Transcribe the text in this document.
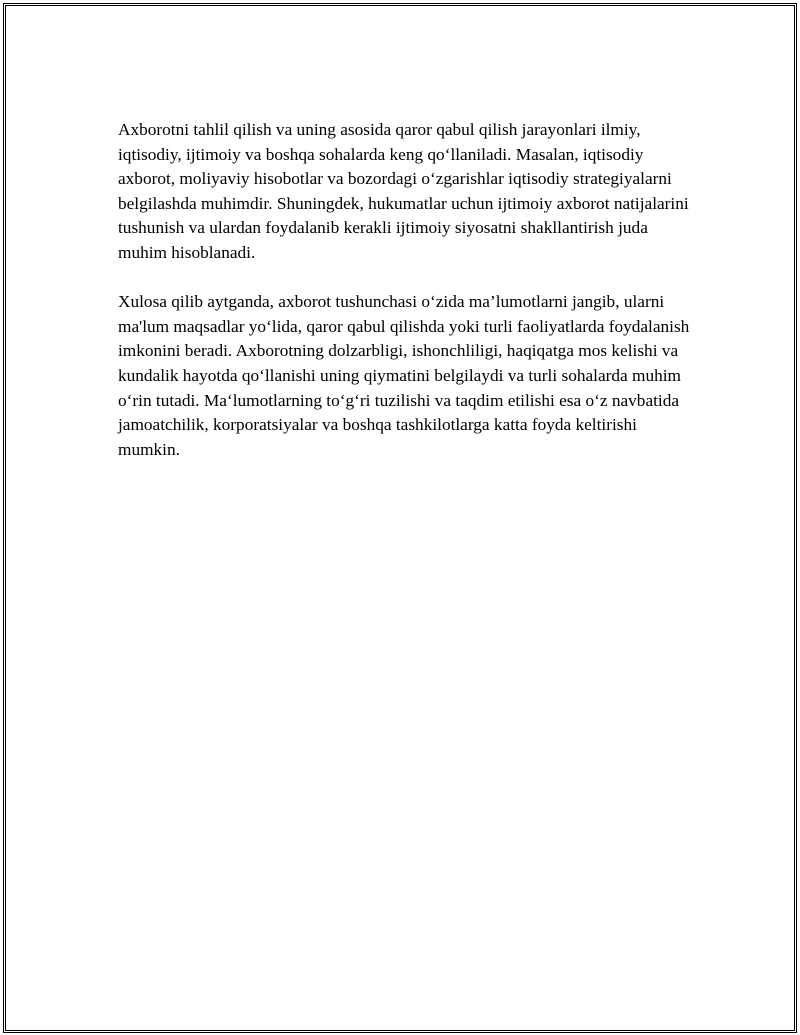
Axborotni tahlil qilish va uning asosida qaror qabul qilish jarayonlari ilmiy, iqtisodiy, ijtimoiy va boshqa sohalarda keng qo‘llaniladi. Masalan, iqtisodiy axborot, moliyaviy hisobotlar va bozordagi o‘zgarishlar iqtisodiy strategiyalarni belgilashda muhimdir. Shuningdek, hukumatlar uchun ijtimoiy axborot natijalarini tushunish va ulardan foydalanib kerakli ijtimoiy siyosatni shakllantirish juda muhim hisoblanadi.

Xulosa qilib aytganda, axborot tushunchasi o‘zida ma’lumotlarni jangib, ularni ma'lum maqsadlar yo‘lida, qaror qabul qilishda yoki turli faoliyatlarda foydalanish imkonini beradi. Axborotning dolzarbligi, ishonchliligi, haqiqatga mos kelishi va kundalik hayotda qo‘llanishi uning qiymatini belgilaydi va turli sohalarda muhim o‘rin tutadi. Ma‘lumotlarning to‘g‘ri tuzilishi va taqdim etilishi esa o‘z navbatida jamoatchilik, korporatsiyalar va boshqa tashkilotlarga katta foyda keltirishi mumkin.
